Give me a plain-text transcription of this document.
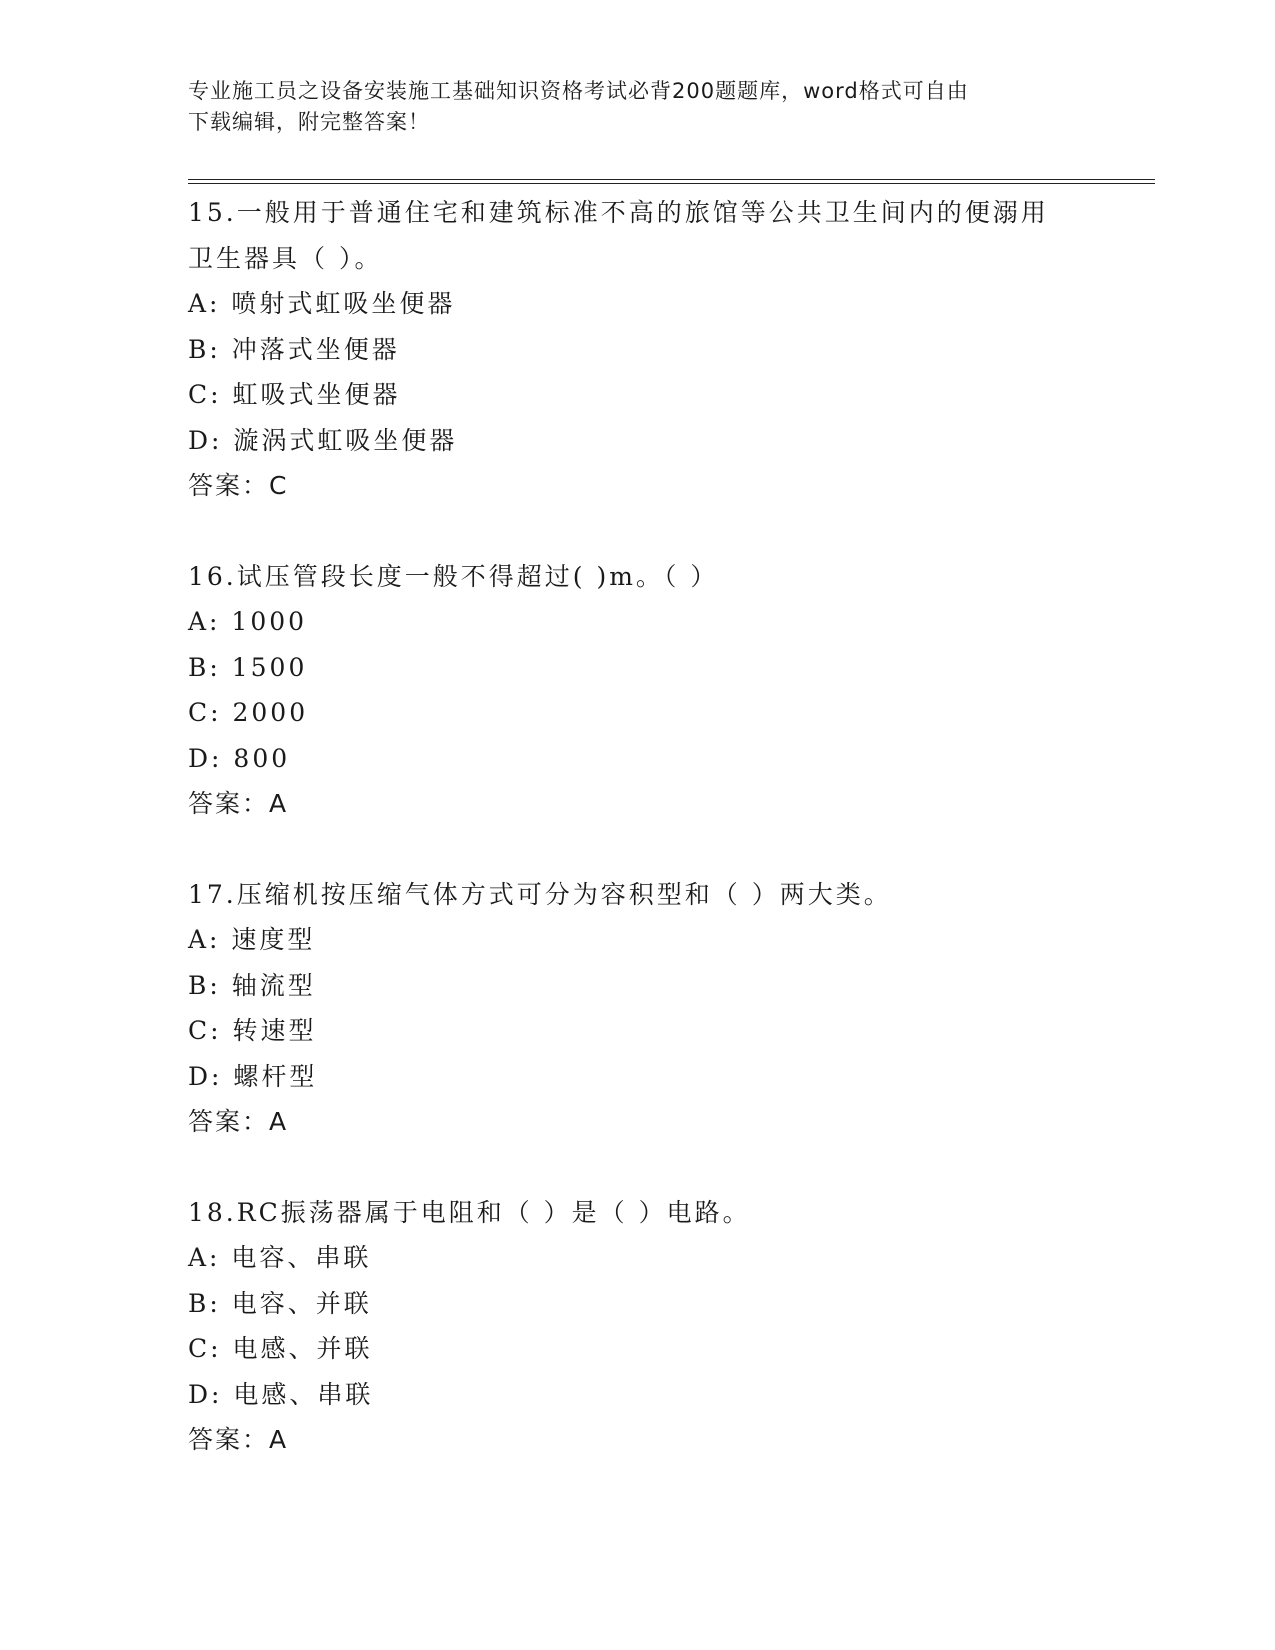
专业施工员之设备安装施工基础知识资格考试必背200题题库，word格式可自由
下载编辑，附完整答案！
15.一般用于普通住宅和建筑标准不高的旅馆等公共卫生间内的便溺用
卫生器具（ ）。
A: 喷射式虹吸坐便器
B: 冲落式坐便器
C: 虹吸式坐便器
D: 漩涡式虹吸坐便器
答案：C
16.试压管段长度一般不得超过( )m。（ ）
A: 1000
B: 1500
C: 2000
D: 800
答案：A
17.压缩机按压缩气体方式可分为容积型和（ ）两大类。
A: 速度型
B: 轴流型
C: 转速型
D: 螺杆型
答案：A
18.RC振荡器属于电阻和（ ）是（ ）电路。
A: 电容、串联
B: 电容、并联
C: 电感、并联
D: 电感、串联
答案：A
